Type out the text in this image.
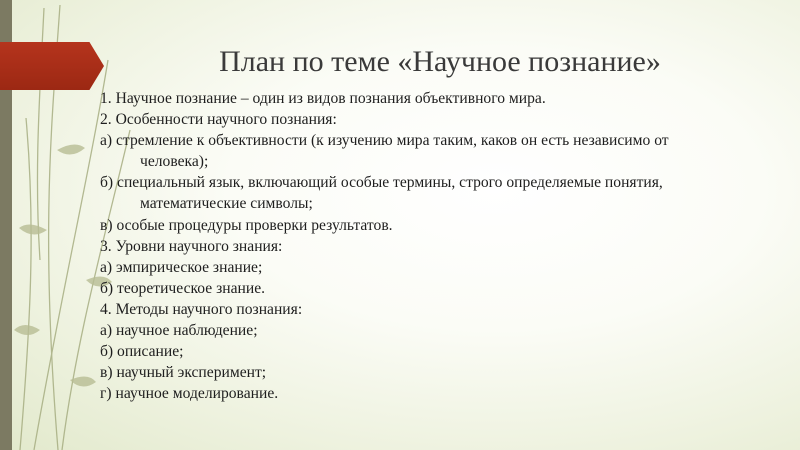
План по теме «Научное познание»
1. Научное познание – один из видов познания объективного мира.
2. Особенности научного познания:
а) стремление к объективности (к изучению мира таким, каков он есть независимо от
человека);
б) специальный язык, включающий особые термины, строго определяемые понятия,
математические символы;
в) особые процедуры проверки результатов.
3. Уровни научного знания:
а) эмпирическое знание;
б) теоретическое знание.
4. Методы научного познания:
а) научное наблюдение;
б) описание;
в) научный эксперимент;
г) научное моделирование.
